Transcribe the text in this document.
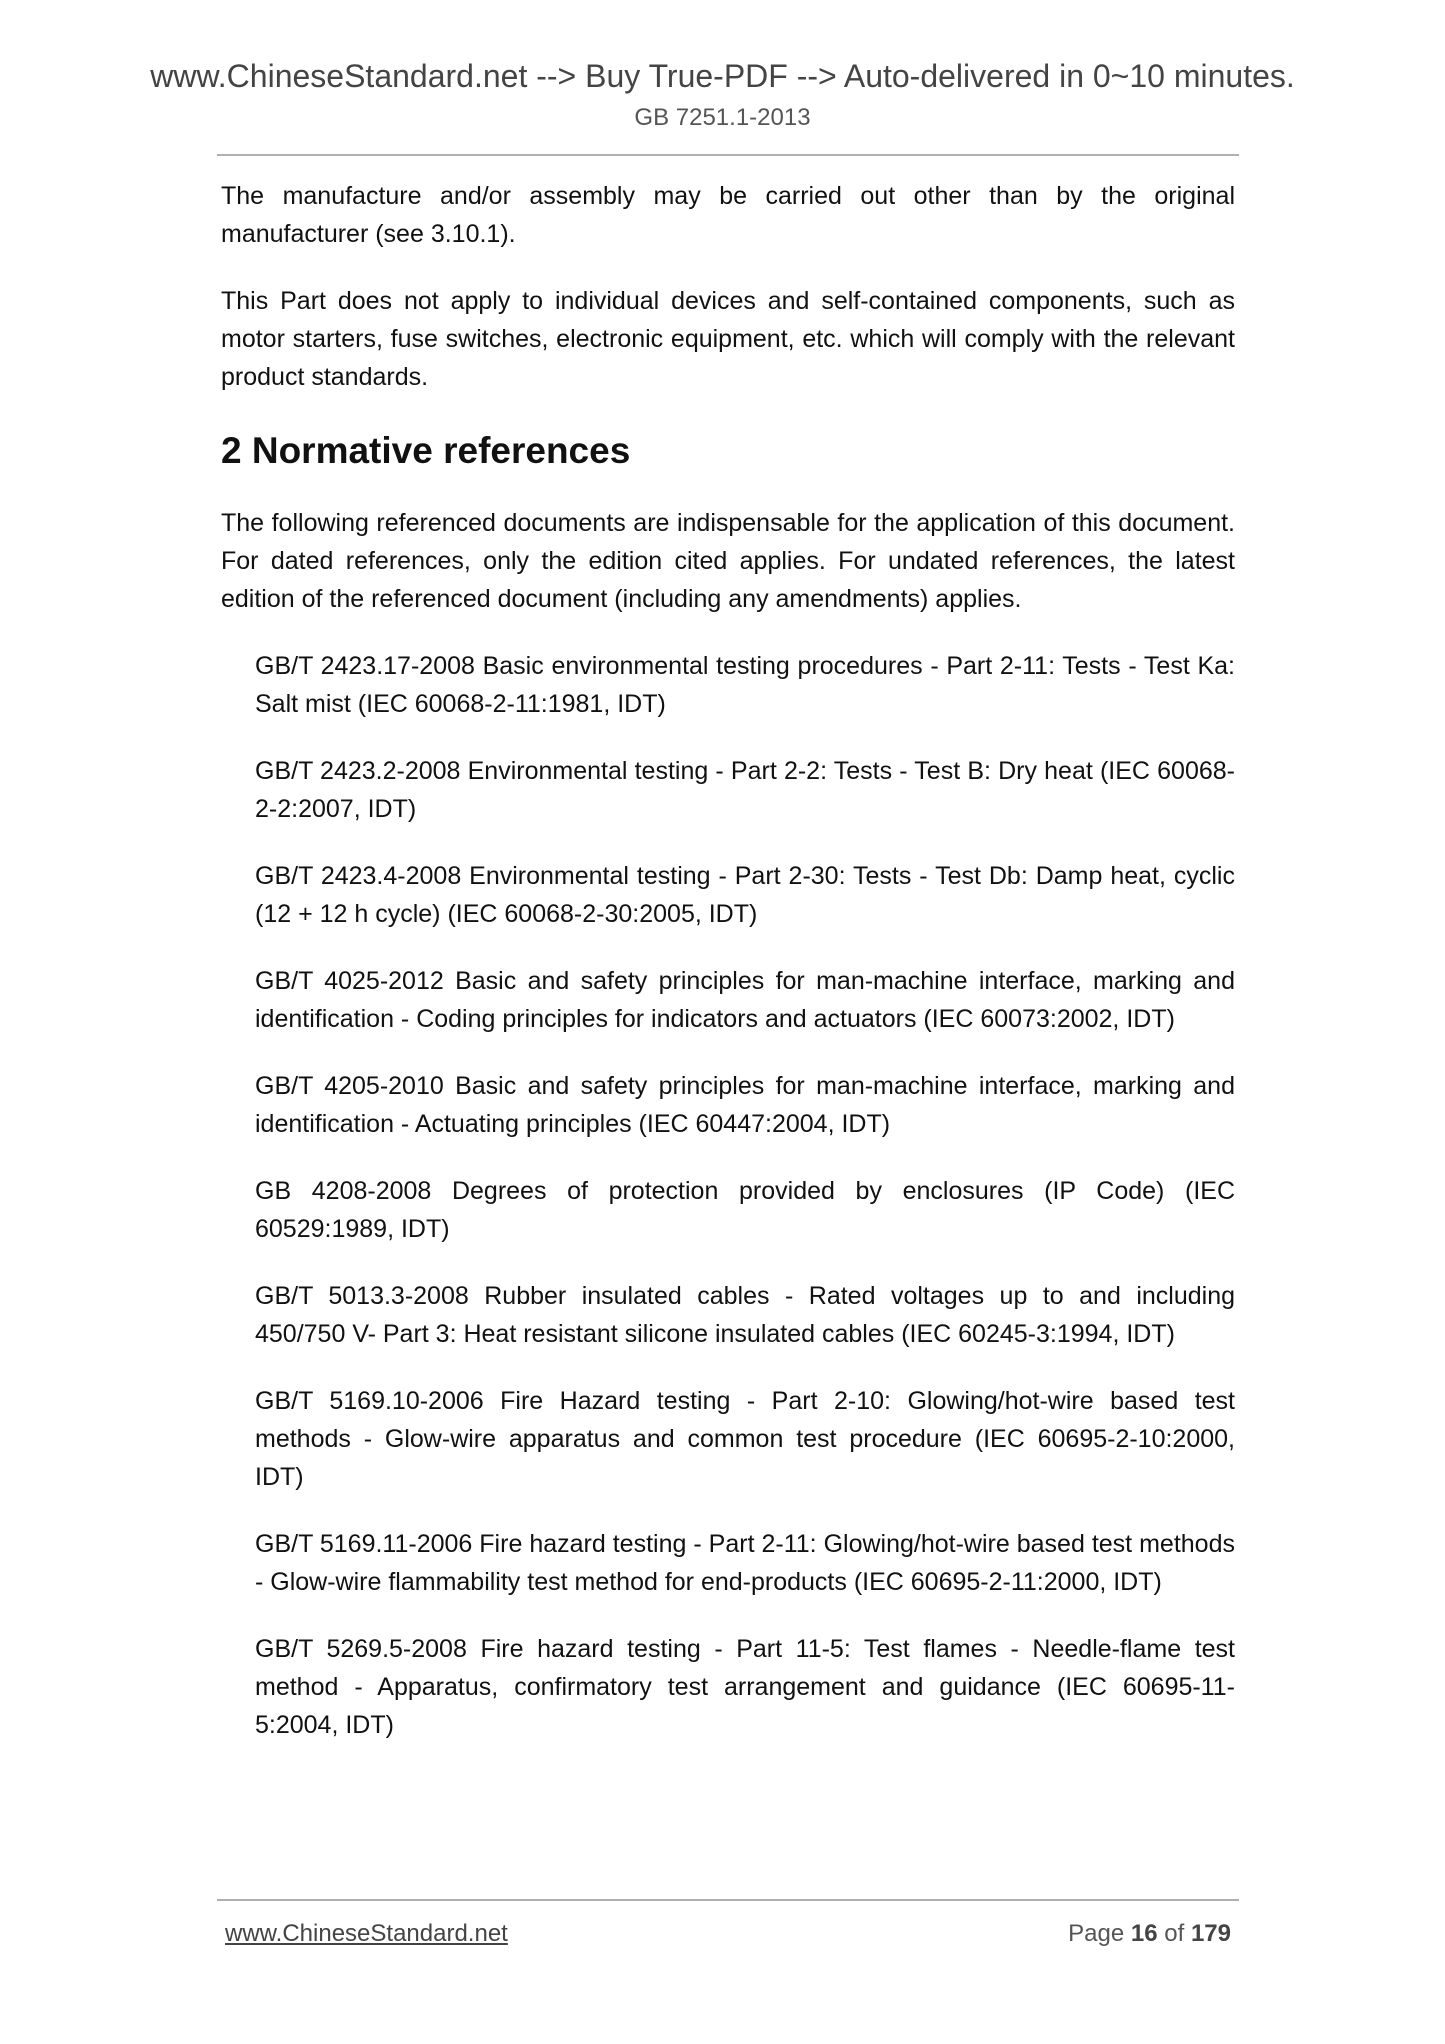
www.ChineseStandard.net --> Buy True-PDF --> Auto-delivered in 0~10 minutes.
GB 7251.1-2013

The manufacture and/or assembly may be carried out other than by the original manufacturer (see 3.10.1).

This Part does not apply to individual devices and self-contained components, such as motor starters, fuse switches, electronic equipment, etc. which will comply with the relevant product standards.

2 Normative references

The following referenced documents are indispensable for the application of this document. For dated references, only the edition cited applies. For undated references, the latest edition of the referenced document (including any amendments) applies.

GB/T 2423.17-2008 Basic environmental testing procedures - Part 2-11: Tests - Test Ka: Salt mist (IEC 60068-2-11:1981, IDT)

GB/T 2423.2-2008 Environmental testing - Part 2-2: Tests - Test B: Dry heat (IEC 60068-2-2:2007, IDT)

GB/T 2423.4-2008 Environmental testing - Part 2-30: Tests - Test Db: Damp heat, cyclic (12 + 12 h cycle) (IEC 60068-2-30:2005, IDT)

GB/T 4025-2012 Basic and safety principles for man-machine interface, marking and identification - Coding principles for indicators and actuators (IEC 60073:2002, IDT)

GB/T 4205-2010 Basic and safety principles for man-machine interface, marking and identification - Actuating principles (IEC 60447:2004, IDT)

GB 4208-2008 Degrees of protection provided by enclosures (IP Code) (IEC 60529:1989, IDT)

GB/T 5013.3-2008 Rubber insulated cables - Rated voltages up to and including 450/750 V- Part 3: Heat resistant silicone insulated cables (IEC 60245-3:1994, IDT)

GB/T 5169.10-2006 Fire Hazard testing - Part 2-10: Glowing/hot-wire based test methods - Glow-wire apparatus and common test procedure (IEC 60695-2-10:2000, IDT)

GB/T 5169.11-2006 Fire hazard testing - Part 2-11: Glowing/hot-wire based test methods - Glow-wire flammability test method for end-products (IEC 60695-2-11:2000, IDT)

GB/T 5269.5-2008 Fire hazard testing - Part 11-5: Test flames - Needle-flame test method - Apparatus, confirmatory test arrangement and guidance (IEC 60695-11-5:2004, IDT)

www.ChineseStandard.net	Page 16 of 179
